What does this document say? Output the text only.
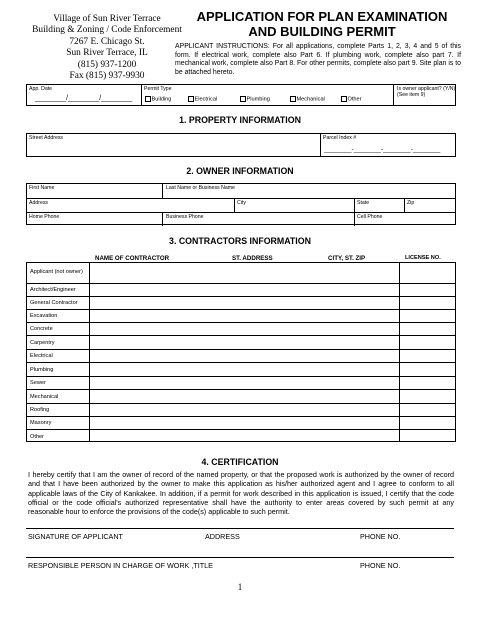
Village of Sun River Terrace
Building & Zoning / Code Enforcement
7267 E. Chicago St.
Sun River Terrace, IL
(815) 937-1200
Fax (815) 937-9930
APPLICATION FOR PLAN EXAMINATION
AND BUILDING PERMIT
APPLICANT INSTRUCTIONS: For all applications, complete Parts 1, 2, 3, 4 and 5 of this form. If electrical work, complete also Part 6. If plumbing work, complete also part 7. If mechanical work, complete also Part 8. For other permits, complete also part 9. Site plan is to be attached hereto.
App. Date
________/________/________
Permit Type
Building	Electrical	Plumbing	Mechanical	Other
Is owner applicant? (Y/N)
(See item 9)
1. PROPERTY INFORMATION
Street Address	Parcel Index #
________-________-________-________
2. OWNER INFORMATION
First Name	Last Name or Business Name
Address	City	State	Zip
Home Phone	Business Phone	Cell Phone
3. CONTRACTORS INFORMATION
NAME OF CONTRACTOR	ST. ADDRESS	CITY, ST. ZIP	LICENSE NO.
Applicant (not owner)
Architect/Engineer
General Contractor
Excavation
Concrete
Carpentry
Electrical
Plumbing
Sewer
Mechanical
Roofing
Masonry
Other
4. CERTIFICATION
I hereby certify that I am the owner of record of the named property, or that the proposed work is authorized by the owner of record and that I have been authorized by the owner to make this application as his/her authorized agent and I agree to conform to all applicable laws of the City of Kankakee. In addition, if a permit for work described in this application is issued, I certify that the code official or the code official's authorized representative shall have the authority to enter areas covered by such permit at any reasonable hour to enforce the provisions of the code(s) applicable to such permit.
SIGNATURE OF APPLICANT	ADDRESS	PHONE NO.
RESPONSIBLE PERSON IN CHARGE OF WORK ,TITLE	PHONE NO.
1
